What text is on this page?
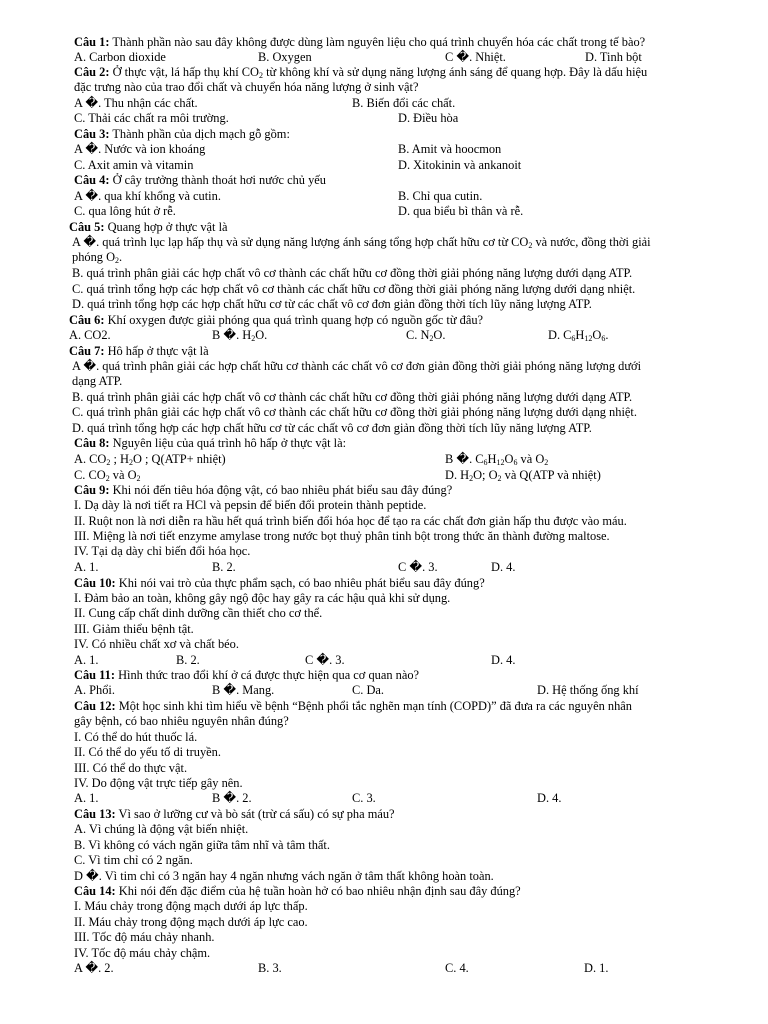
Câu 1: Thành phần nào sau đây không được dùng làm nguyên liệu cho quá trình chuyển hóa các chất trong tế bào?
A. Carbon dioxide	B. Oxygen	C �. Nhiệt.	D. Tinh bột
Câu 2: Ở thực vật, lá hấp thụ khí $CO_2$ từ không khí và sử dụng năng lượng ánh sáng để quang hợp. Đây là dấu hiệu
đặc trưng nào của trao đổi chất và chuyển hóa năng lượng ở sinh vật?
A �. Thu nhận các chất.	B. Biến đổi các chất.
C. Thải các chất ra môi trường.	D. Điều hòa
Câu 3: Thành phần của dịch mạch gỗ gồm:
A �. Nước và ion khoáng	B. Amit và hoocmon
C. Axit amin và vitamin	D. Xitokinin và ankanoit
Câu 4: Ở cây trưởng thành thoát hơi nước chủ yếu
A �. qua khí khổng và cutin.	B. Chỉ qua cutin.
C. qua lông hút ở rễ.	D. qua biểu bì thân và rễ.
Câu 5: Quang hợp ở thực vật là
A �. quá trình lục lạp hấp thụ và sử dụng năng lượng ánh sáng tổng hợp chất hữu cơ từ $CO_2$ và nước, đồng thời giải
phóng $O_2$.
B. quá trình phân giải các hợp chất vô cơ thành các chất hữu cơ đồng thời giải phóng năng lượng dưới dạng ATP.
C. quá trình tổng hợp các hợp chất vô cơ thành các chất hữu cơ đồng thời giải phóng năng lượng dưới dạng nhiệt.
D. quá trình tổng hợp các hợp chất hữu cơ từ các chất vô cơ đơn giản đồng thời tích lũy năng lượng ATP.
Câu 6: Khí oxygen được giải phóng qua quá trình quang hợp có nguồn gốc từ đâu?
A. CO2.	B �. $H_2O$.	C. $N_2O$.	D. $C_6H_{12}O_6$.
Câu 7: Hô hấp ở thực vật là
A �. quá trình phân giải các hợp chất hữu cơ thành các chất vô cơ đơn giản đồng thời giải phóng năng lượng dưới
dạng ATP.
B. quá trình phân giải các hợp chất vô cơ thành các chất hữu cơ đồng thời giải phóng năng lượng dưới dạng ATP.
C. quá trình phân giải các hợp chất vô cơ thành các chất hữu cơ đồng thời giải phóng năng lượng dưới dạng nhiệt.
D. quá trình tổng hợp các hợp chất hữu cơ từ các chất vô cơ đơn giản đồng thời tích lũy năng lượng ATP.
Câu 8: Nguyên liệu của quá trình hô hấp ở thực vật là:
A. $CO_2$ ; $H_2O$ ; Q(ATP+ nhiệt)	B �. $C_6H_{12}O_6$ và $O_2$
C. $CO_2$ và $O_2$	D. $H_2O$; $O_2$ và Q(ATP và nhiệt)
Câu 9: Khi nói đến tiêu hóa động vật, có bao nhiêu phát biểu sau đây đúng?
I. Dạ dày là nơi tiết ra HCl và pepsin để biến đổi protein thành peptide.
II. Ruột non là nơi diễn ra hầu hết quá trình biến đổi hóa học để tạo ra các chất đơn giản hấp thu được vào máu.
III. Miệng là nơi tiết enzyme amylase trong nước bọt thuỷ phân tinh bột trong thức ăn thành đường maltose.
IV. Tại dạ dày chỉ biến đổi hóa học.
A. 1.	B. 2.	C �. 3.	D. 4.
Câu 10: Khi nói vai trò của thực phẩm sạch, có bao nhiêu phát biểu sau đây đúng?
I. Đảm bảo an toàn, không gây ngộ độc hay gây ra các hậu quả khi sử dụng.
II. Cung cấp chất dinh dưỡng cần thiết cho cơ thể.
III. Giảm thiểu bệnh tật.
IV. Có nhiều chất xơ và chất béo.
A. 1.	B. 2.	C �. 3.	D. 4.
Câu 11: Hình thức trao đổi khí ở cá được thực hiện qua cơ quan nào?
A. Phổi.	B �. Mang.	C. Da.	D. Hệ thống ống khí
Câu 12: Một học sinh khi tìm hiểu về bệnh “Bệnh phổi tắc nghẽn mạn tính (COPD)” đã đưa ra các nguyên nhân
gây bệnh, có bao nhiêu nguyên nhân đúng?
I. Có thể do hút thuốc lá.
II. Có thể do yếu tố di truyền.
III. Có thể do thực vật.
IV. Do động vật trực tiếp gây nên.
A. 1.	B �. 2.	C. 3.	D. 4.
Câu 13: Vì sao ở lưỡng cư và bò sát (trừ cá sấu) có sự pha máu?
A. Vì chúng là động vật biến nhiệt.
B. Vì không có vách ngăn giữa tâm nhĩ và tâm thất.
C. Vì tim chỉ có 2 ngăn.
D �. Vì tim chỉ có 3 ngăn hay 4 ngăn nhưng vách ngăn ở tâm thất không hoàn toàn.
Câu 14: Khi nói đến đặc điểm của hệ tuần hoàn hở có bao nhiêu nhận định sau đây đúng?
I. Máu chảy trong động mạch dưới áp lực thấp.
II. Máu chảy trong động mạch dưới áp lực cao.
III. Tốc độ máu chảy nhanh.
IV. Tốc độ máu chảy chậm.
A �. 2.	B. 3.	C. 4.	D. 1.
